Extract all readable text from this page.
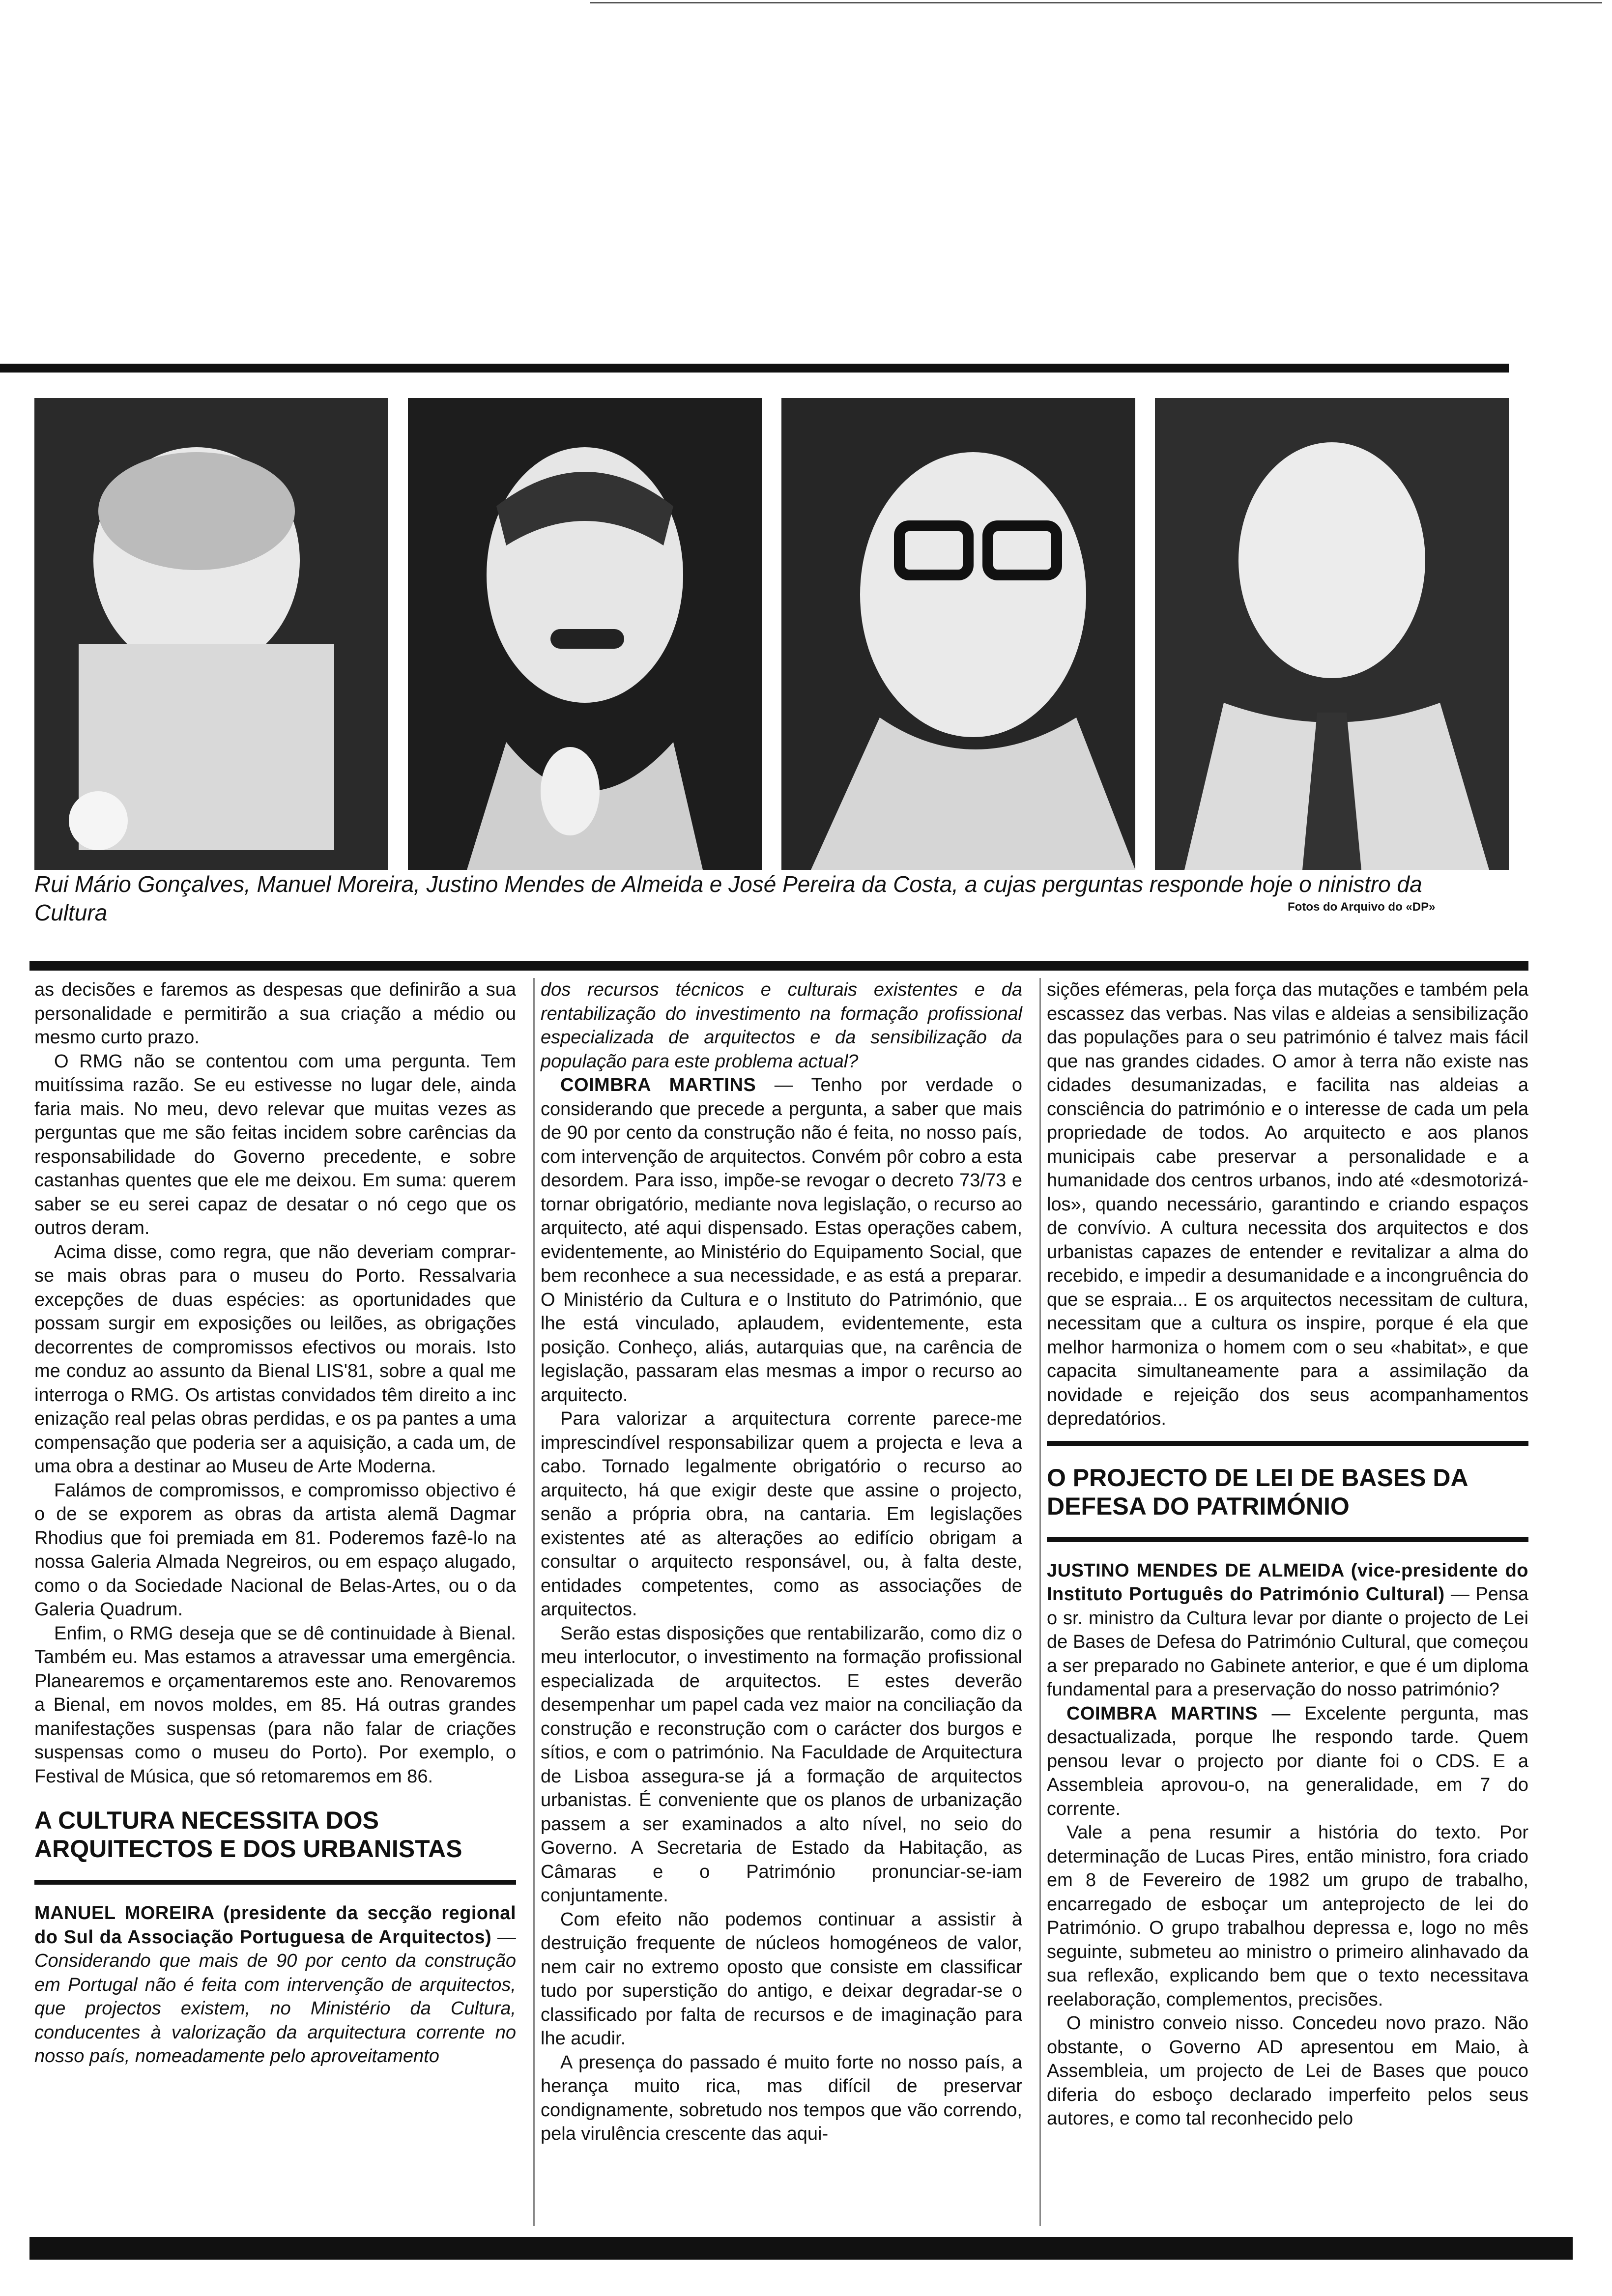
Rui Mário Gonçalves, Manuel Moreira, Justino Mendes de Almeida e José Pereira da Costa, a cujas perguntas responde hoje o ninistro da Cultura	Fotos do Arquivo do «DP»

as decisões e faremos as despesas que definirão a sua personalidade e permitirão a sua criação a médio ou mesmo curto prazo.

O RMG não se contentou com uma pergunta. Tem muitíssima razão. Se eu estivesse no lugar dele, ainda faria mais. No meu, devo relevar que muitas vezes as perguntas que me são feitas incidem sobre carências da responsabilidade do Governo precedente, e sobre castanhas quentes que ele me deixou. Em suma: querem saber se eu serei capaz de desatar o nó cego que os outros deram.

Acima disse, como regra, que não deveriam comprar-se mais obras para o museu do Porto. Ressalvaria excepções de duas espécies: as oportunidades que possam surgir em exposições ou leilões, as obrigações decorrentes de compromissos efectivos ou morais. Isto me conduz ao assunto da Bienal LIS'81, sobre a qual me interroga o RMG. Os artistas convidados têm direito a inc enização real pelas obras perdidas, e os pa pantes a uma compensação que poderia ser a aquisição, a cada um, de uma obra a destinar ao Museu de Arte Moderna.

Falámos de compromissos, e compromisso objectivo é o de se exporem as obras da artista alemã Dagmar Rhodius que foi premiada em 81. Poderemos fazê-lo na nossa Galeria Almada Negreiros, ou em espaço alugado, como o da Sociedade Nacional de Belas-Artes, ou o da Galeria Quadrum.

Enfim, o RMG deseja que se dê continuidade à Bienal. Também eu. Mas estamos a atravessar uma emergência. Planearemos e orçamentaremos este ano. Renovaremos a Bienal, em novos moldes, em 85. Há outras grandes manifestações suspensas (para não falar de criações suspensas como o museu do Porto). Por exemplo, o Festival de Música, que só retomaremos em 86.

A CULTURA NECESSITA DOS ARQUITECTOS E DOS URBANISTAS

MANUEL MOREIRA (presidente da secção regional do Sul da Associação Portuguesa de Arquitectos) — Considerando que mais de 90 por cento da construção em Portugal não é feita com intervenção de arquitectos, que projectos existem, no Ministério da Cultura, conducentes à valorização da arquitectura corrente no nosso país, nomeadamente pelo aproveitamento

dos recursos técnicos e culturais existentes e da rentabilização do investimento na formação profissional especializada de arquitectos e da sensibilização da população para este problema actual?

COIMBRA MARTINS — Tenho por verdade o considerando que precede a pergunta, a saber que mais de 90 por cento da construção não é feita, no nosso país, com intervenção de arquitectos. Convém pôr cobro a esta desordem. Para isso, impõe-se revogar o decreto 73/73 e tornar obrigatório, mediante nova legislação, o recurso ao arquitecto, até aqui dispensado. Estas operações cabem, evidentemente, ao Ministério do Equipamento Social, que bem reconhece a sua necessidade, e as está a preparar. O Ministério da Cultura e o Instituto do Património, que lhe está vinculado, aplaudem, evidentemente, esta posição. Conheço, aliás, autarquias que, na carência de legislação, passaram elas mesmas a impor o recurso ao arquitecto.

Para valorizar a arquitectura corrente parece-me imprescindível responsabilizar quem a projecta e leva a cabo. Tornado legalmente obrigatório o recurso ao arquitecto, há que exigir deste que assine o projecto, senão a própria obra, na cantaria. Em legislações existentes até as alterações ao edifício obrigam a consultar o arquitecto responsável, ou, à falta deste, entidades competentes, como as associações de arquitectos.

Serão estas disposições que rentabilizarão, como diz o meu interlocutor, o investimento na formação profissional especializada de arquitectos. E estes deverão desempenhar um papel cada vez maior na conciliação da construção e reconstrução com o carácter dos burgos e sítios, e com o património. Na Faculdade de Arquitectura de Lisboa assegura-se já a formação de arquitectos urbanistas. É conveniente que os planos de urbanização passem a ser examinados a alto nível, no seio do Governo. A Secretaria de Estado da Habitação, as Câmaras e o Património pronunciar-se-iam conjuntamente.

Com efeito não podemos continuar a assistir à destruição frequente de núcleos homogéneos de valor, nem cair no extremo oposto que consiste em classificar tudo por superstição do antigo, e deixar degradar-se o classificado por falta de recursos e de imaginação para lhe acudir.

A presença do passado é muito forte no nosso país, a herança muito rica, mas difícil de preservar condignamente, sobretudo nos tempos que vão correndo, pela virulência crescente das aqui-

sições efémeras, pela força das mutações e também pela escassez das verbas. Nas vilas e aldeias a sensibilização das populações para o seu património é talvez mais fácil que nas grandes cidades. O amor à terra não existe nas cidades desumanizadas, e facilita nas aldeias a consciência do património e o interesse de cada um pela propriedade de todos. Ao arquitecto e aos planos municipais cabe preservar a personalidade e a humanidade dos centros urbanos, indo até «desmotorizá-los», quando necessário, garantindo e criando espaços de convívio. A cultura necessita dos arquitectos e dos urbanistas capazes de entender e revitalizar a alma do recebido, e impedir a desumanidade e a incongruência do que se espraia... E os arquitectos necessitam de cultura, necessitam que a cultura os inspire, porque é ela que melhor harmoniza o homem com o seu «habitat», e que capacita simultaneamente para a assimilação da novidade e rejeição dos seus acompanhamentos depredatórios.

O PROJECTO DE LEI DE BASES DA DEFESA DO PATRIMÓNIO

JUSTINO MENDES DE ALMEIDA (vice-presidente do Instituto Português do Património Cultural) — Pensa o sr. ministro da Cultura levar por diante o projecto de Lei de Bases de Defesa do Património Cultural, que começou a ser preparado no Gabinete anterior, e que é um diploma fundamental para a preservação do nosso património?

COIMBRA MARTINS — Excelente pergunta, mas desactualizada, porque lhe respondo tarde. Quem pensou levar o projecto por diante foi o CDS. E a Assembleia aprovou-o, na generalidade, em 7 do corrente.

Vale a pena resumir a história do texto. Por determinação de Lucas Pires, então ministro, fora criado em 8 de Fevereiro de 1982 um grupo de trabalho, encarregado de esboçar um anteprojecto de lei do Património. O grupo trabalhou depressa e, logo no mês seguinte, submeteu ao ministro o primeiro alinhavado da sua reflexão, explicando bem que o texto necessitava reelaboração, complementos, precisões.

O ministro conveio nisso. Concedeu novo prazo. Não obstante, o Governo AD apresentou em Maio, à Assembleia, um projecto de Lei de Bases que pouco diferia do esboço declarado imperfeito pelos seus autores, e como tal reconhecido pelo
